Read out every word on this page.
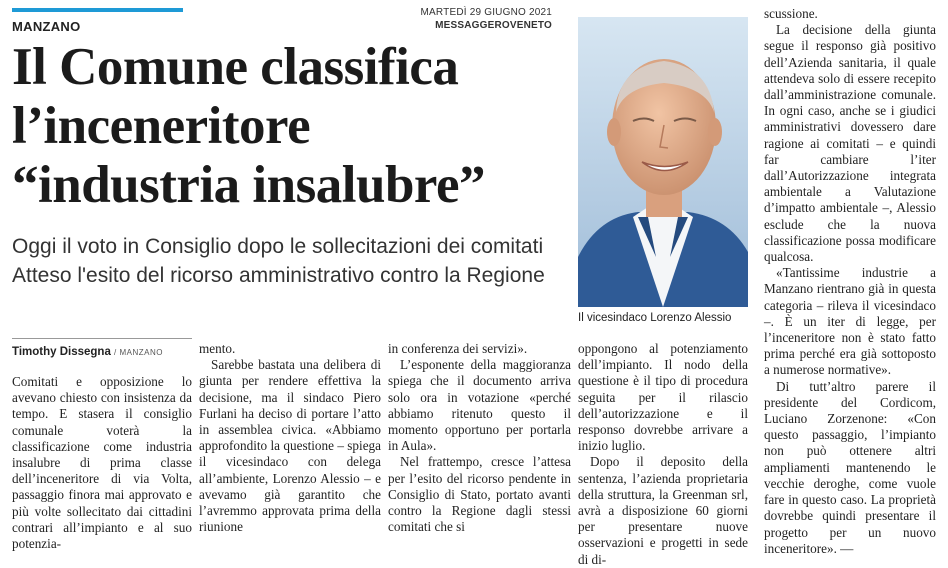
MANZANO
MARTEDÌ 29 GIUGNO 2021
MESSAGGEROVENETO
Il Comune classifica
l’inceneritore
“industria insalubre”
Oggi il voto in Consiglio dopo le sollecitazioni dei comitati
Atteso l'esito del ricorso amministrativo contro la Regione
Il vicesindaco Lorenzo Alessio
Timothy Dissegna / MANZANO

Comitati e opposizione lo avevano chiesto con insistenza da tempo. E stasera il consiglio comunale voterà la classificazione come industria insalubre di prima classe dell’inceneritore di via Volta, passaggio finora mai approvato e più volte sollecitato dai cittadini contrari all’impianto e al suo potenzia-

mento.

Sarebbe bastata una delibera di giunta per rendere effettiva la decisione, ma il sindaco Piero Furlani ha deciso di portare l’atto in assemblea civica. «Abbiamo approfondito la questione – spiega il vicesindaco con delega all’ambiente, Lorenzo Alessio – e avevamo già garantito che l’avremmo approvata prima della riunione

in conferenza dei servizi».

L’esponente della maggioranza spiega che il documento arriva solo ora in votazione «perché abbiamo ritenuto questo il momento opportuno per portarla in Aula».

Nel frattempo, cresce l’attesa per l’esito del ricorso pendente in Consiglio di Stato, portato avanti contro la Regione dagli stessi comitati che si

oppongono al potenziamento dell’impianto. Il nodo della questione è il tipo di procedura seguita per il rilascio dell’autorizzazione e il responso dovrebbe arrivare a inizio luglio.

Dopo il deposito della sentenza, l’azienda proprietaria della struttura, la Greenman srl, avrà a disposizione 60 giorni per presentare nuove osservazioni e progetti in sede di di-

scussione.

La decisione della giunta segue il responso già positivo dell’Azienda sanitaria, il quale attendeva solo di essere recepito dall’amministrazione comunale. In ogni caso, anche se i giudici amministrativi dovessero dare ragione ai comitati – e quindi far cambiare l’iter dall’Autorizzazione integrata ambientale a Valutazione d’impatto ambientale –, Alessio esclude che la nuova classificazione possa modificare qualcosa.

«Tantissime industrie a Manzano rientrano già in questa categoria – rileva il vicesindaco –. È un iter di legge, per l’inceneritore non è stato fatto prima perché era già sottoposto a numerose normative».

Di tutt’altro parere il presidente del Cordicom, Luciano Zorzenone: «Con questo passaggio, l’impianto non può ottenere altri ampliamenti mantenendo le vecchie deroghe, come vuole fare in questo caso. La proprietà dovrebbe quindi presentare il progetto per un nuovo inceneritore». —
